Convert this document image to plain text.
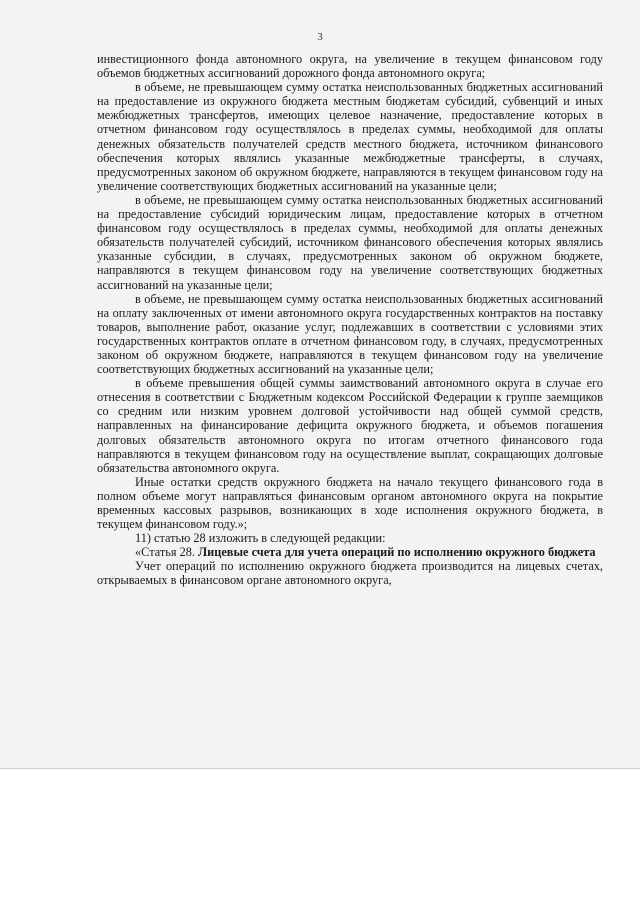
3

инвестиционного фонда автономного округа, на увеличение в текущем финансовом году объемов бюджетных ассигнований дорожного фонда автономного округа;

в объеме, не превышающем сумму остатка неиспользованных бюджетных ассигнований на предоставление из окружного бюджета местным бюджетам субсидий, субвенций и иных межбюджетных трансфертов, имеющих целевое назначение, предоставление которых в отчетном финансовом году осуществлялось в пределах суммы, необходимой для оплаты денежных обязательств получателей средств местного бюджета, источником финансового обеспечения которых являлись указанные межбюджетные трансферты, в случаях, предусмотренных законом об окружном бюджете, направляются в текущем финансовом году на увеличение соответствующих бюджетных ассигнований на указанные цели;

в объеме, не превышающем сумму остатка неиспользованных бюджетных ассигнований на предоставление субсидий юридическим лицам, предоставление которых в отчетном финансовом году осуществлялось в пределах суммы, необходимой для оплаты денежных обязательств получателей субсидий, источником финансового обеспечения которых являлись указанные субсидии, в случаях, предусмотренных законом об окружном бюджете, направляются в текущем финансовом году на увеличение соответствующих бюджетных ассигнований на указанные цели;

в объеме, не превышающем сумму остатка неиспользованных бюджетных ассигнований на оплату заключенных от имени автономного округа государственных контрактов на поставку товаров, выполнение работ, оказание услуг, подлежавших в соответствии с условиями этих государственных контрактов оплате в отчетном финансовом году, в случаях, предусмотренных законом об окружном бюджете, направляются в текущем финансовом году на увеличение соответствующих бюджетных ассигнований на указанные цели;

в объеме превышения общей суммы заимствований автономного округа в случае его отнесения в соответствии с Бюджетным кодексом Российской Федерации к группе заемщиков со средним или низким уровнем долговой устойчивости над общей суммой средств, направленных на финансирование дефицита окружного бюджета, и объемов погашения долговых обязательств автономного округа по итогам отчетного финансового года направляются в текущем финансовом году на осуществление выплат, сокращающих долговые обязательства автономного округа.

Иные остатки средств окружного бюджета на начало текущего финансового года в полном объеме могут направляться финансовым органом автономного округа на покрытие временных кассовых разрывов, возникающих в ходе исполнения окружного бюджета, в текущем финансовом году.»;

11) статью 28 изложить в следующей редакции:

«Статья 28. Лицевые счета для учета операций по исполнению окружного бюджета

Учет операций по исполнению окружного бюджета производится на лицевых счетах, открываемых в финансовом органе автономного округа,
